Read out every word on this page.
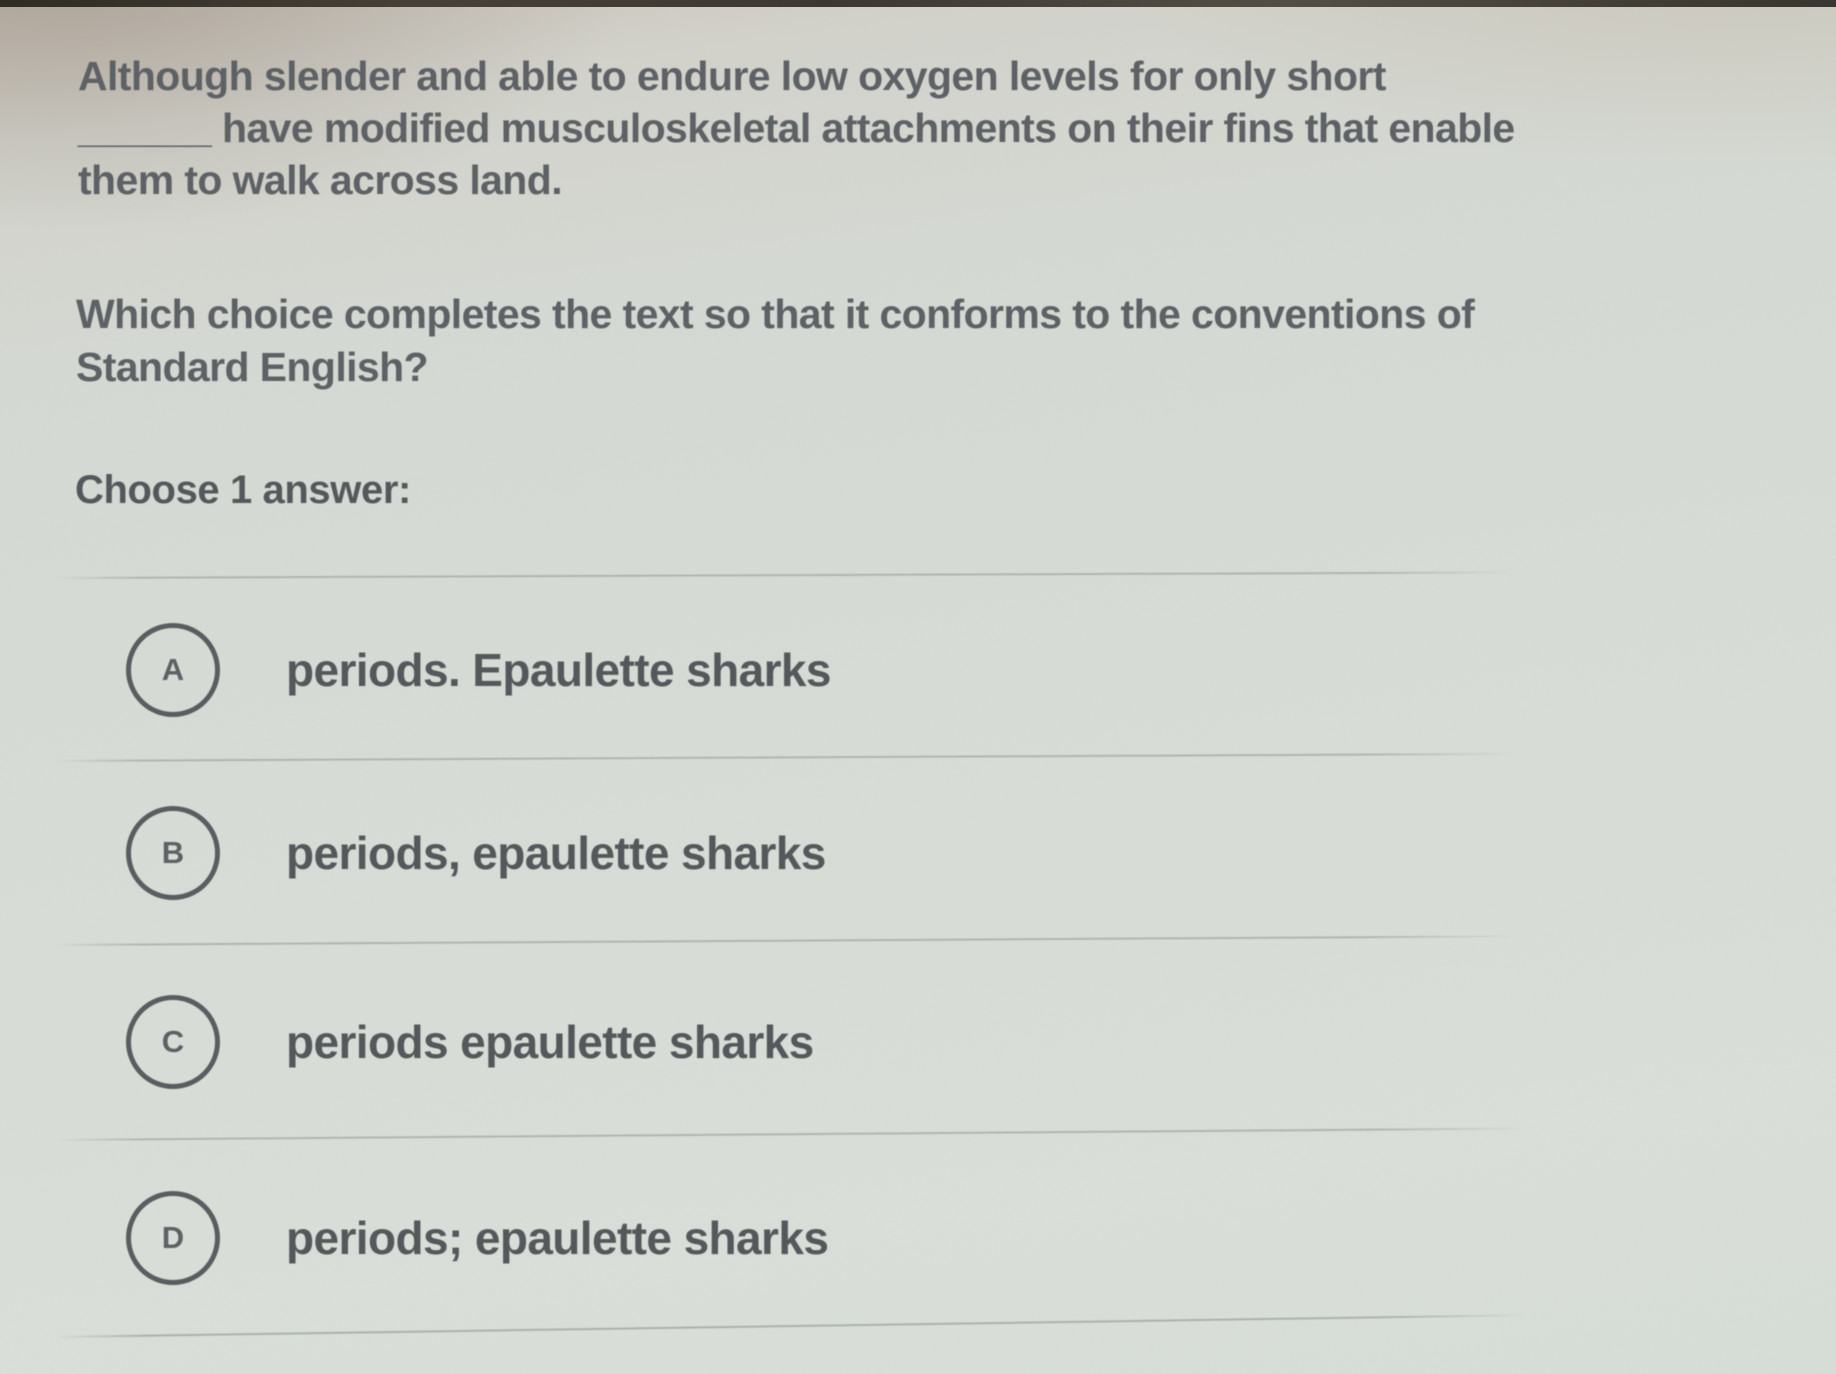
Although slender and able to endure low oxygen levels for only short
______ have modified musculoskeletal attachments on their fins that enable
them to walk across land.
Which choice completes the text so that it conforms to the conventions of
Standard English?
Choose 1 answer:
A periods. Epaulette sharks
B periods, epaulette sharks
C periods epaulette sharks
D periods; epaulette sharks
